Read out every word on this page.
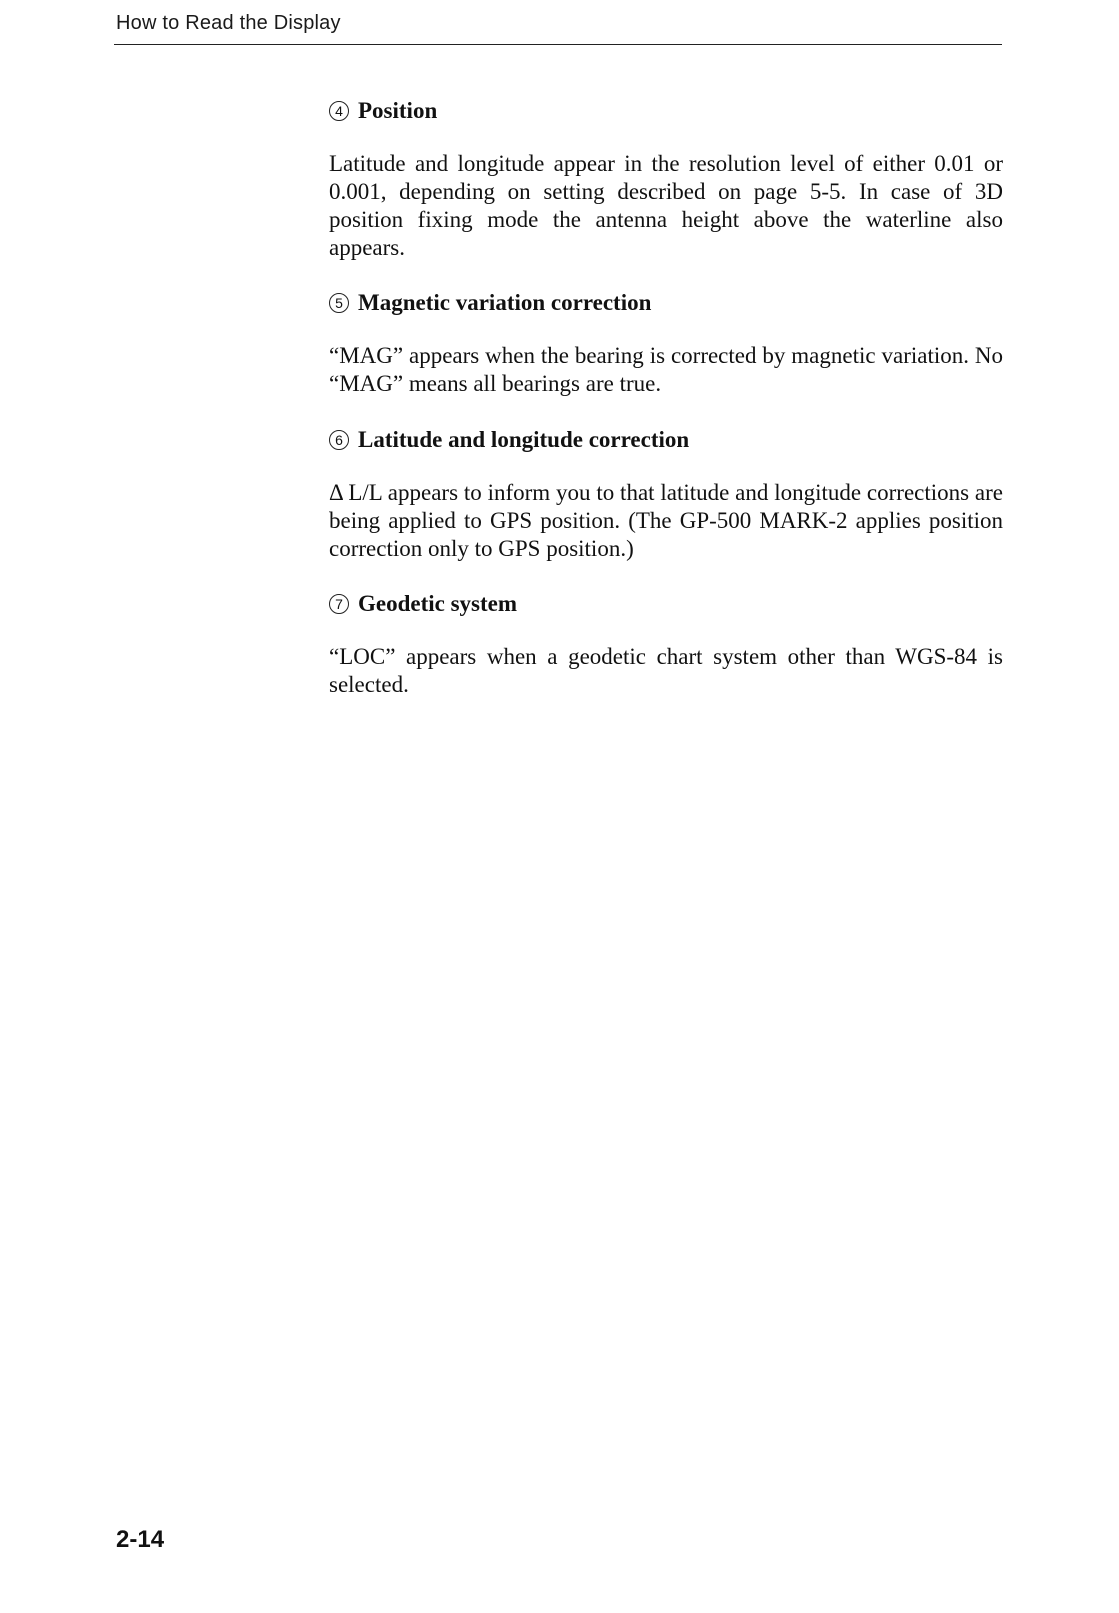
How to Read the Display
4 Position

Latitude and longitude appear in the resolution level of either 0.01 or 0.001, depending on setting described on page 5-5. In case of 3D position fixing mode the antenna height above the waterline also appears.

5 Magnetic variation correction

“MAG” appears when the bearing is corrected by magnetic variation. No “MAG” means all bearings are true.

6 Latitude and longitude correction

Δ L/L appears to inform you to that latitude and longitude corrections are being applied to GPS position. (The GP-500 MARK-2 applies position correction only to GPS position.)

7 Geodetic system

“LOC” appears when a geodetic chart system other than WGS-84 is selected.

2-14
